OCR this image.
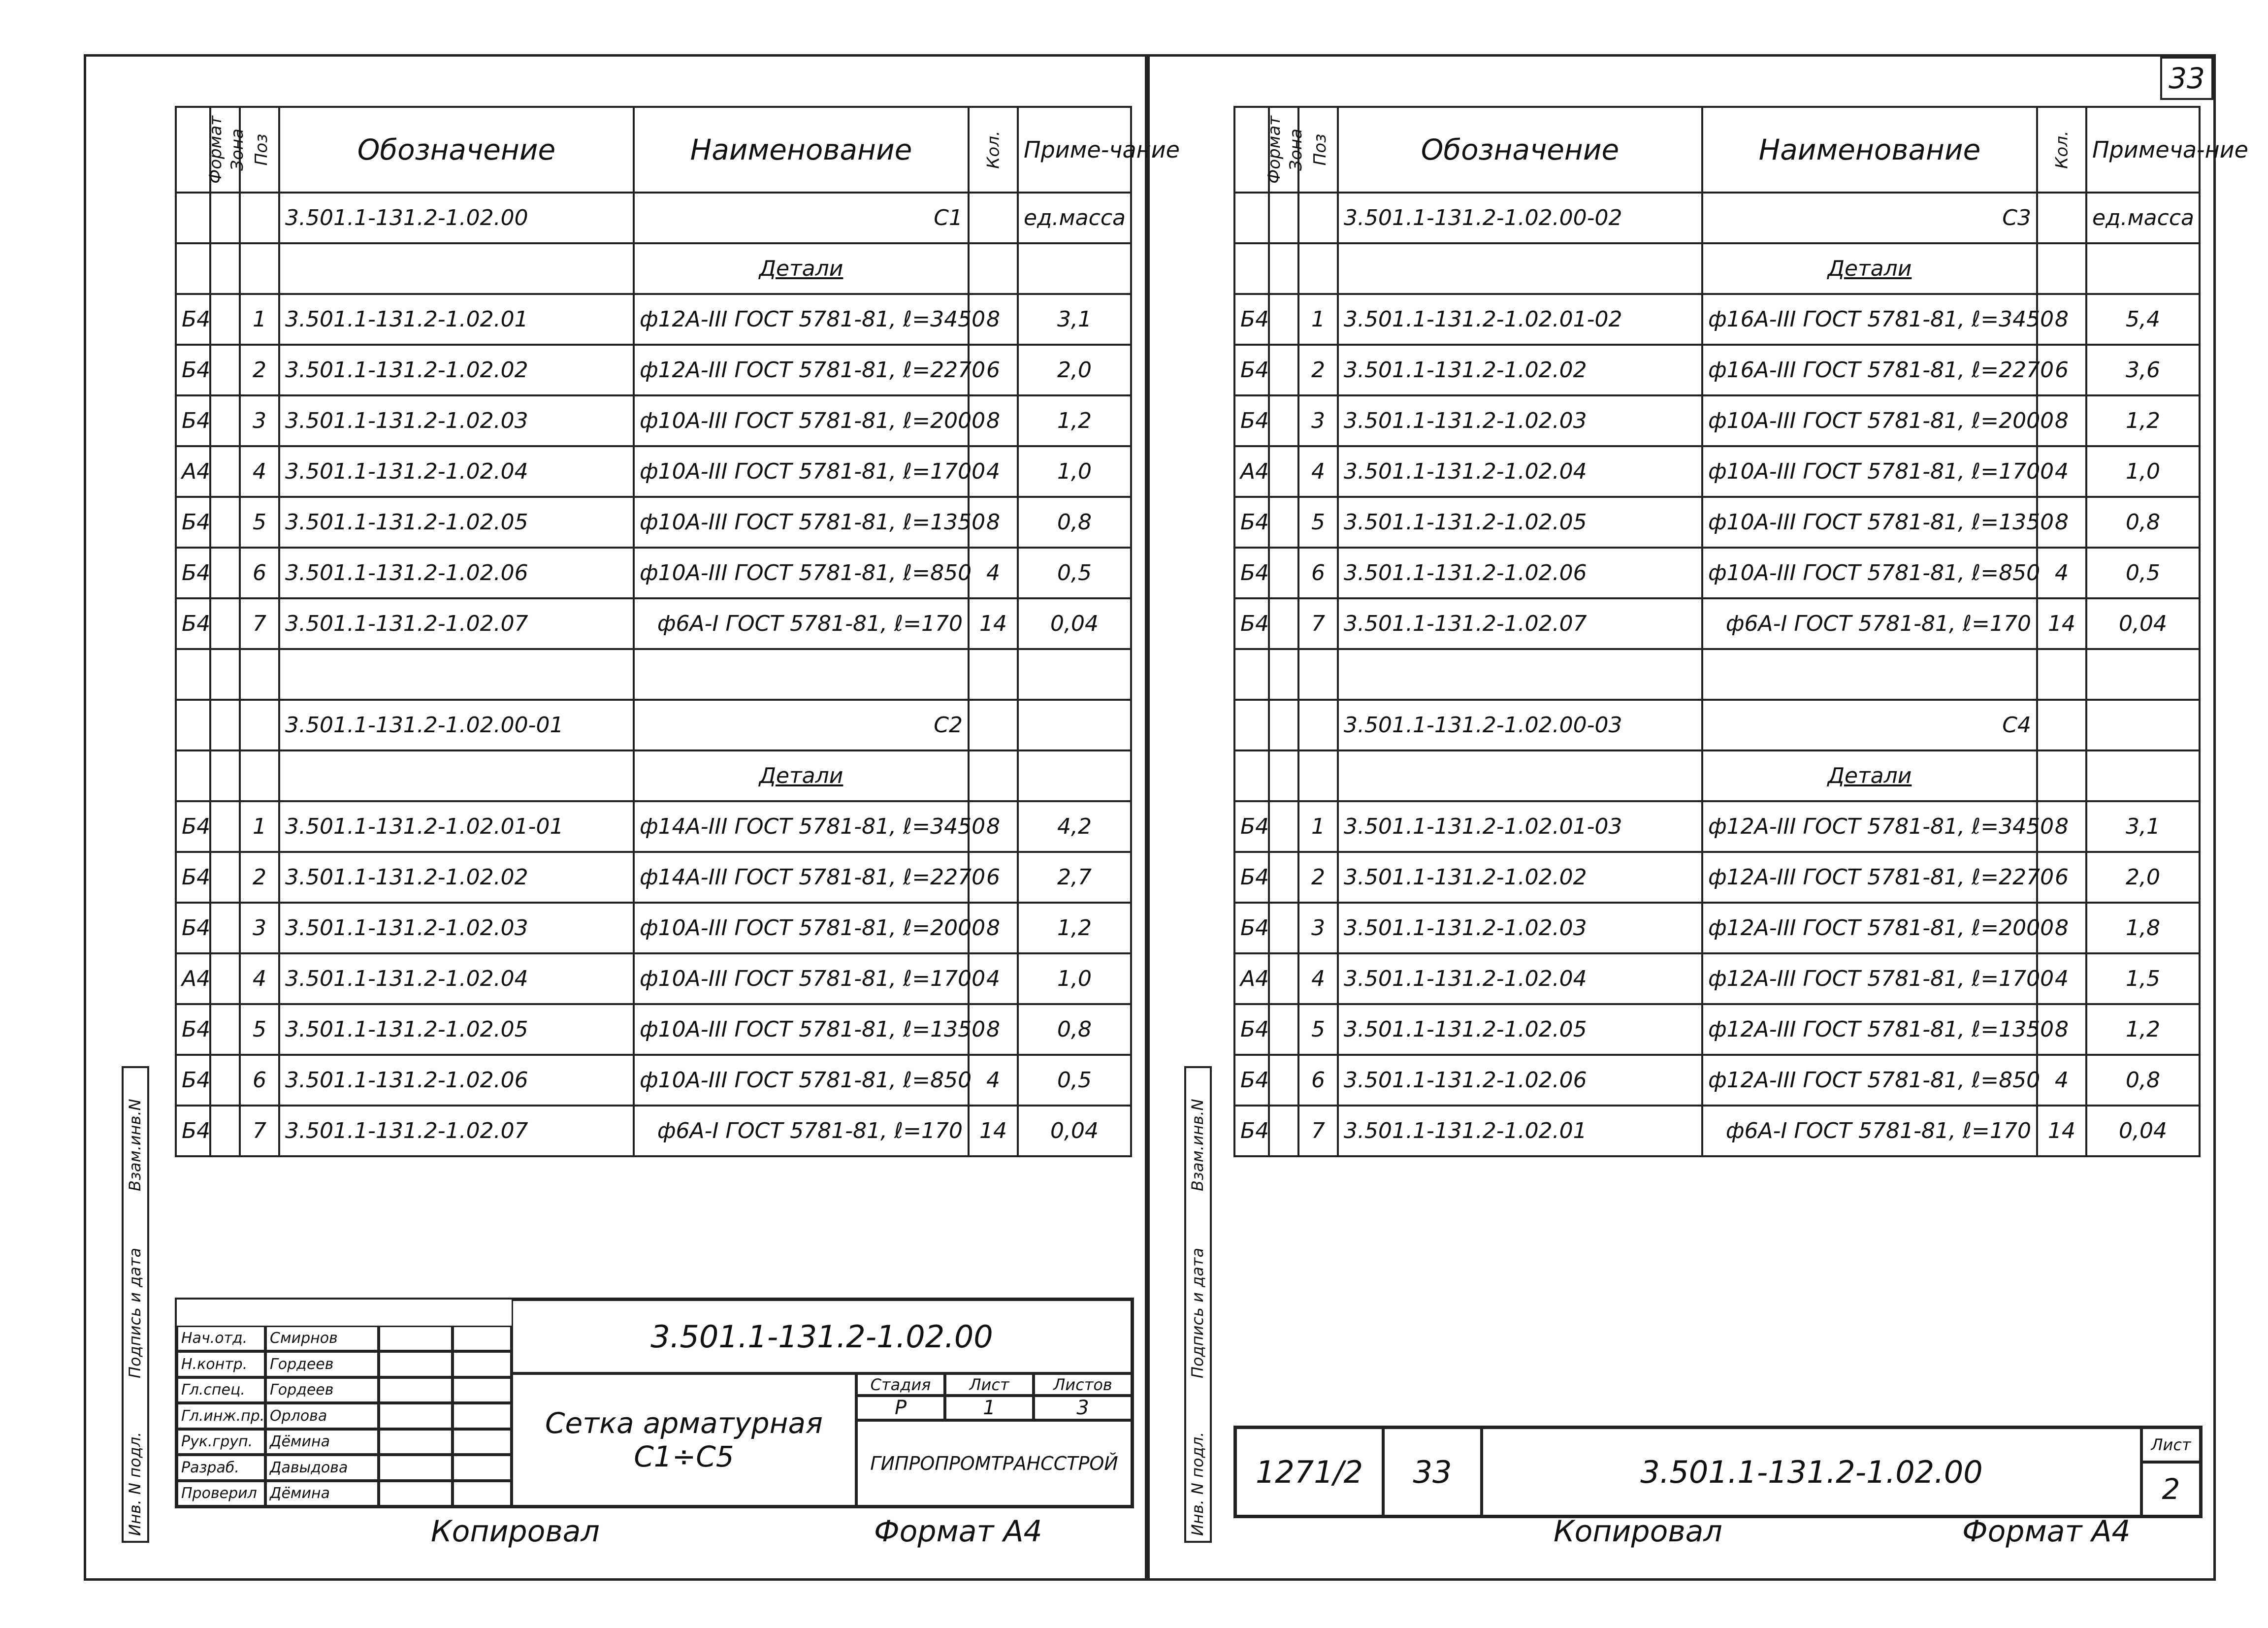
Формат	Зона	Поз	Обозначение	Наименование	Кол.	Приме-чание
			3.501.1-131.2-1.02.00	С1		ед.масса
				Детали		
Б4		1	3.501.1-131.2-1.02.01	ф12А-III ГОСТ 5781-81, ℓ=3450	8	3,1
Б4		2	3.501.1-131.2-1.02.02	ф12А-III ГОСТ 5781-81, ℓ=2270	6	2,0
Б4		3	3.501.1-131.2-1.02.03	ф10А-III ГОСТ 5781-81, ℓ=2000	8	1,2
А4		4	3.501.1-131.2-1.02.04	ф10А-III ГОСТ 5781-81, ℓ=1700	4	1,0
Б4		5	3.501.1-131.2-1.02.05	ф10А-III ГОСТ 5781-81, ℓ=1350	8	0,8
Б4		6	3.501.1-131.2-1.02.06	ф10А-III ГОСТ 5781-81, ℓ=850	4	0,5
Б4		7	3.501.1-131.2-1.02.07	ф6А-I ГОСТ 5781-81, ℓ=170	14	0,04

			3.501.1-131.2-1.02.00-01	С2		
				Детали		
Б4		1	3.501.1-131.2-1.02.01-01	ф14А-III ГОСТ 5781-81, ℓ=3450	8	4,2
Б4		2	3.501.1-131.2-1.02.02	ф14А-III ГОСТ 5781-81, ℓ=2270	6	2,7
Б4		3	3.501.1-131.2-1.02.03	ф10А-III ГОСТ 5781-81, ℓ=2000	8	1,2
А4		4	3.501.1-131.2-1.02.04	ф10А-III ГОСТ 5781-81, ℓ=1700	4	1,0
Б4		5	3.501.1-131.2-1.02.05	ф10А-III ГОСТ 5781-81, ℓ=1350	8	0,8
Б4		6	3.501.1-131.2-1.02.06	ф10А-III ГОСТ 5781-81, ℓ=850	4	0,5
Б4		7	3.501.1-131.2-1.02.07	ф6А-I ГОСТ 5781-81, ℓ=170	14	0,04
Инв. N подл.
Подпись и дата
Взам.инв.N
Нач.отд.	Смирнов
Н.контр.	Гордеев
Гл.спец.	Гордеев
Гл.инж.пр. Орлова
Рук.груп.	Дёмина
Разраб.	Давыдова
Проверил Дёмина
3.501.1-131.2-1.02.00
Сетка арматурная С1÷С5
Стадия	Лист	Листов
Р	1	3
ГИПРОПРОМТРАНССТРОЙ
Копировал	Формат А4
33
Формат	Зона	Поз	Обозначение	Наименование	Кол.	Примеча-ние
			3.501.1-131.2-1.02.00-02	С3		ед.масса
				Детали		
Б4		1	3.501.1-131.2-1.02.01-02	ф16А-III ГОСТ 5781-81, ℓ=3450	8	5,4
Б4		2	3.501.1-131.2-1.02.02	ф16А-III ГОСТ 5781-81, ℓ=2270	6	3,6
Б4		3	3.501.1-131.2-1.02.03	ф10А-III ГОСТ 5781-81, ℓ=2000	8	1,2
А4		4	3.501.1-131.2-1.02.04	ф10А-III ГОСТ 5781-81, ℓ=1700	4	1,0
Б4		5	3.501.1-131.2-1.02.05	ф10А-III ГОСТ 5781-81, ℓ=1350	8	0,8
Б4		6	3.501.1-131.2-1.02.06	ф10А-III ГОСТ 5781-81, ℓ=850	4	0,5
Б4		7	3.501.1-131.2-1.02.07	ф6А-I ГОСТ 5781-81, ℓ=170	14	0,04

			3.501.1-131.2-1.02.00-03	С4		
				Детали		
Б4		1	3.501.1-131.2-1.02.01-03	ф12А-III ГОСТ 5781-81, ℓ=3450	8	3,1
Б4		2	3.501.1-131.2-1.02.02	ф12А-III ГОСТ 5781-81, ℓ=2270	6	2,0
Б4		3	3.501.1-131.2-1.02.03	ф12А-III ГОСТ 5781-81, ℓ=2000	8	1,8
А4		4	3.501.1-131.2-1.02.04	ф12А-III ГОСТ 5781-81, ℓ=1700	4	1,5
Б4		5	3.501.1-131.2-1.02.05	ф12А-III ГОСТ 5781-81, ℓ=1350	8	1,2
Б4		6	3.501.1-131.2-1.02.06	ф12А-III ГОСТ 5781-81, ℓ=850	4	0,8
Б4		7	3.501.1-131.2-1.02.01	ф6А-I ГОСТ 5781-81, ℓ=170	14	0,04
Инв. N подл.
Подпись и дата
Взам.инв.N
1271/2	33	3.501.1-131.2-1.02.00
Лист
2
Копировал	Формат А4
